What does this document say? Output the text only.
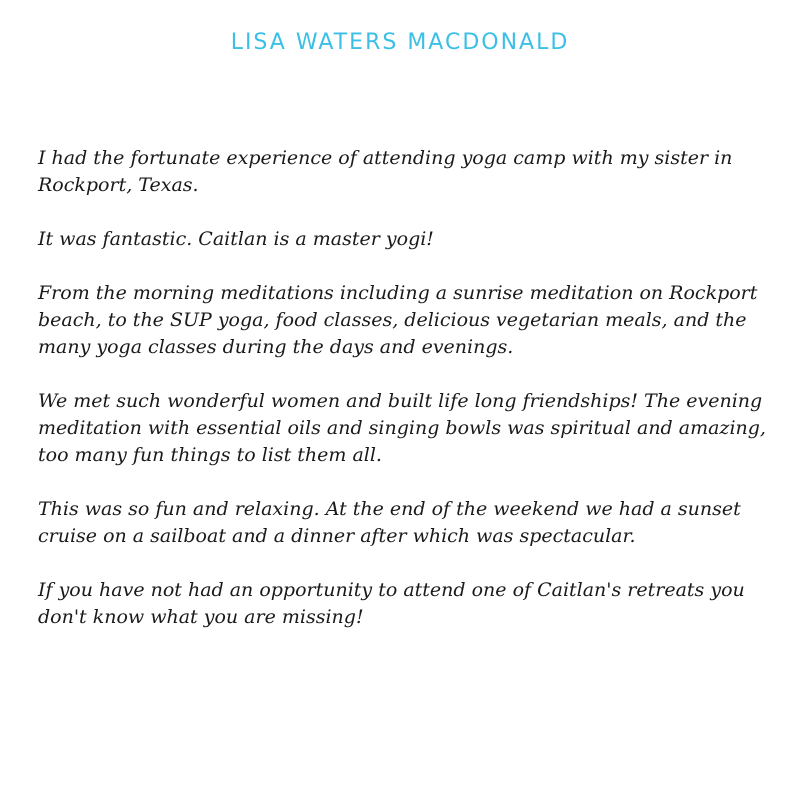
LISA WATERS MACDONALD

I had the fortunate experience of attending yoga camp with my sister in Rockport, Texas.

It was fantastic. Caitlan is a master yogi!

From the morning meditations including a sunrise meditation on Rockport beach, to the SUP yoga, food classes, delicious vegetarian meals, and the many yoga classes during the days and evenings.

We met such wonderful women and built life long friendships! The evening meditation with essential oils and singing bowls was spiritual and amazing, too many fun things to list them all.

This was so fun and relaxing. At the end of the weekend we had a sunset cruise on a sailboat and a dinner after which was spectacular.

If you have not had an opportunity to attend one of Caitlan's retreats you don't know what you are missing!
